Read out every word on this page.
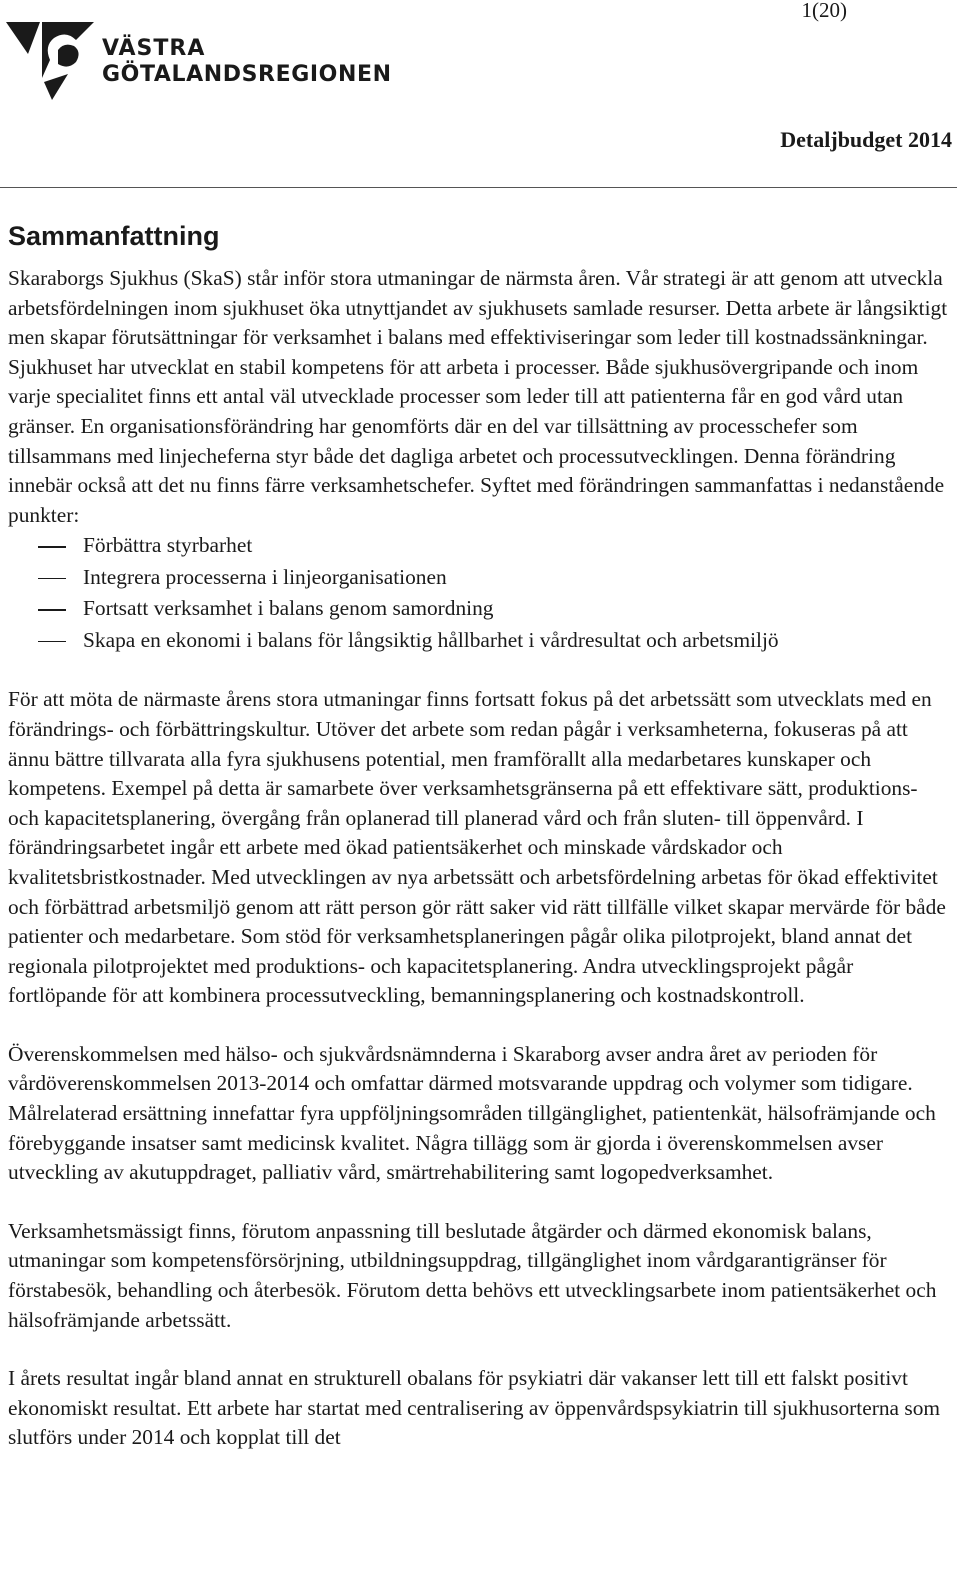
1(20)
VÄSTRA
GÖTALANDSREGIONEN
Detaljbudget 2014
Sammanfattning

Skaraborgs Sjukhus (SkaS) står inför stora utmaningar de närmsta åren. Vår strategi är att genom att utveckla arbetsfördelningen inom sjukhuset öka utnyttjandet av sjukhusets samlade resurser. Detta arbete är långsiktigt men skapar förutsättningar för verksamhet i balans med effektiviseringar som leder till kostnadssänkningar. Sjukhuset har utvecklat en stabil kompetens för att arbeta i processer. Både sjukhusövergripande och inom varje specialitet finns ett antal väl utvecklade processer som leder till att patienterna får en god vård utan gränser. En organisationsförändring har genomförts där en del var tillsättning av processchefer som tillsammans med linjecheferna styr både det dagliga arbetet och processutvecklingen. Denna förändring innebär också att det nu finns färre verksamhetschefer. Syftet med förändringen sammanfattas i nedanstående punkter:

Förbättra styrbarhet
Integrera processerna i linjeorganisationen
Fortsatt verksamhet i balans genom samordning
Skapa en ekonomi i balans för långsiktig hållbarhet i vårdresultat och arbetsmiljö

För att möta de närmaste årens stora utmaningar finns fortsatt fokus på det arbetssätt som utvecklats med en förändrings- och förbättringskultur. Utöver det arbete som redan pågår i verksamheterna, fokuseras på att ännu bättre tillvarata alla fyra sjukhusens potential, men framförallt alla medarbetares kunskaper och kompetens. Exempel på detta är samarbete över verksamhetsgränserna på ett effektivare sätt, produktions- och kapacitetsplanering, övergång från oplanerad till planerad vård och från sluten- till öppenvård. I förändringsarbetet ingår ett arbete med ökad patientsäkerhet och minskade vårdskador och kvalitetsbristkostnader. Med utvecklingen av nya arbetssätt och arbetsfördelning arbetas för ökad effektivitet och förbättrad arbetsmiljö genom att rätt person gör rätt saker vid rätt tillfälle vilket skapar mervärde för både patienter och medarbetare. Som stöd för verksamhetsplaneringen pågår olika pilotprojekt, bland annat det regionala pilotprojektet med produktions- och kapacitetsplanering. Andra utvecklingsprojekt pågår fortlöpande för att kombinera processutveckling, bemanningsplanering och kostnadskontroll.

Överenskommelsen med hälso- och sjukvårdsnämnderna i Skaraborg avser andra året av perioden för vårdöverenskommelsen 2013-2014 och omfattar därmed motsvarande uppdrag och volymer som tidigare. Målrelaterad ersättning innefattar fyra uppföljningsområden tillgänglighet, patientenkät, hälsofrämjande och förebyggande insatser samt medicinsk kvalitet. Några tillägg som är gjorda i överenskommelsen avser utveckling av akutuppdraget, palliativ vård, smärtrehabilitering samt logopedverksamhet.

Verksamhetsmässigt finns, förutom anpassning till beslutade åtgärder och därmed ekonomisk balans, utmaningar som kompetensförsörjning, utbildningsuppdrag, tillgänglighet inom vårdgarantigränser för förstabesök, behandling och återbesök. Förutom detta behövs ett utvecklingsarbete inom patientsäkerhet och hälsofrämjande arbetssätt.

I årets resultat ingår bland annat en strukturell obalans för psykiatri där vakanser lett till ett falskt positivt ekonomiskt resultat. Ett arbete har startat med centralisering av öppenvårdspsykiatrin till sjukhusorterna som slutförs under 2014 och kopplat till det
